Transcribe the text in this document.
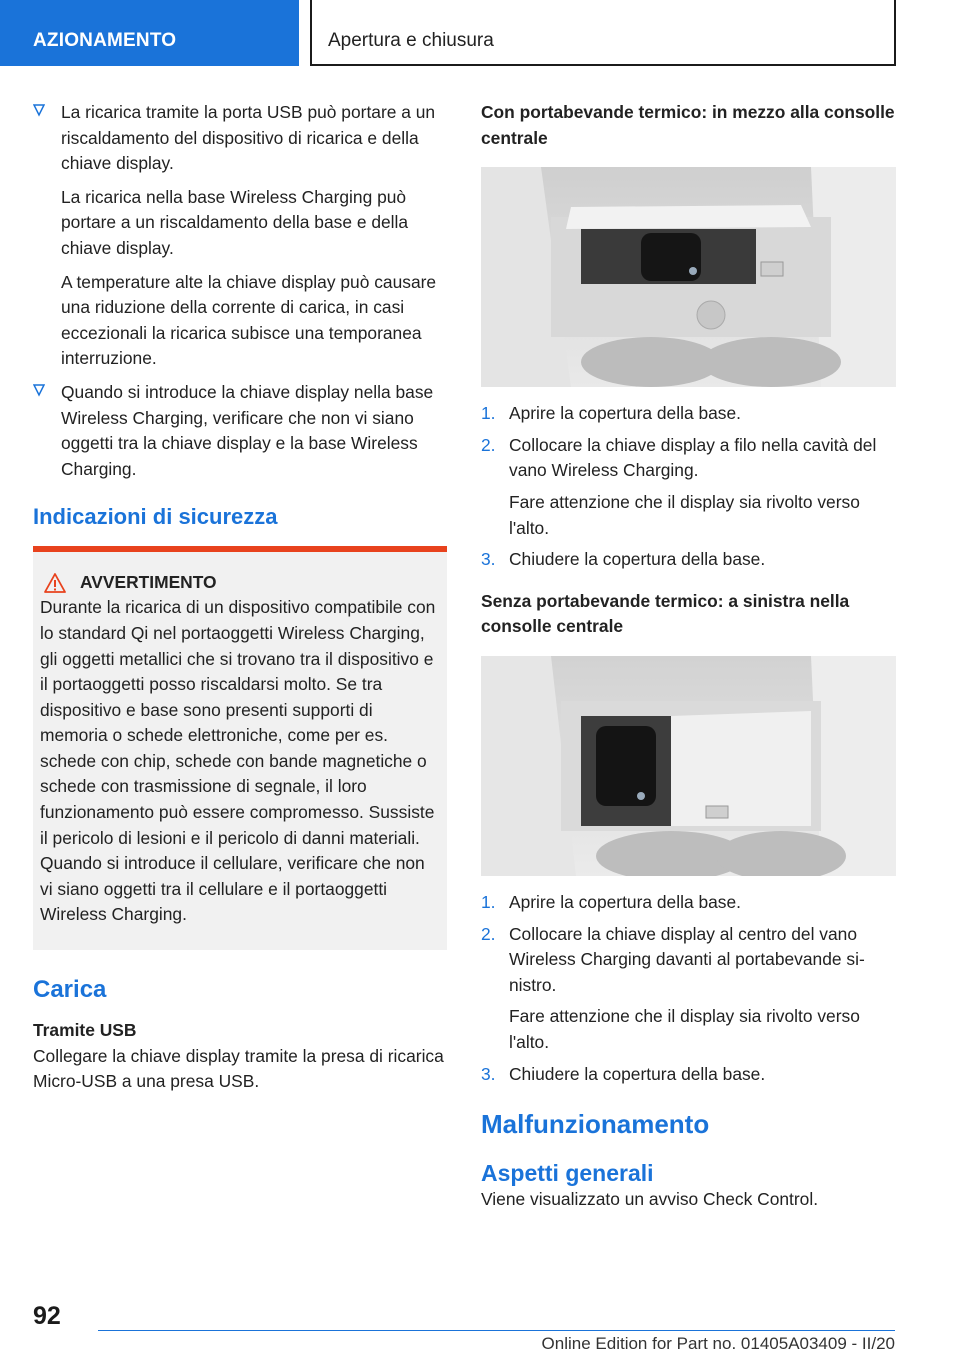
AZIONAMENTO	Apertura e chiusura

La ricarica tramite la porta USB può portare a un riscaldamento del dispositivo di ricarica e della chiave display.

La ricarica nella base Wireless Charging può portare a un riscaldamento della base e della chiave display.

A temperature alte la chiave display può causare una riduzione della corrente di carica, in casi eccezionali la ricarica subisce una temporanea interruzione.

Quando si introduce la chiave display nella base Wireless Charging, verificare che non vi siano oggetti tra la chiave display e la base Wireless Charging.

Indicazioni di sicurezza
AVVERTIMENTO

Durante la ricarica di un dispositivo compatibile con lo standard Qi nel portaoggetti Wireless Charging, gli oggetti metallici che si trovano tra il dispositivo e il portaoggetti posso riscaldarsi molto. Se tra dispositivo e base sono presenti supporti di memoria o schede elettroniche, come per es. schede con chip, schede con bande magnetiche o schede con trasmissione di segnale, il loro funzionamento può essere compromesso. Sussiste il pericolo di lesioni e il pericolo di danni materiali. Quando si introduce il cellulare, verificare che non vi siano oggetti tra il cellulare e il portaoggetti Wireless Charging.

Carica
Tramite USB

Collegare la chiave display tramite la presa di ricarica Micro-USB a una presa USB.

Con portabevande termico: in mezzo alla consolle centrale
1. Aprire la copertura della base.

2. Collocare la chiave display a filo nella cavità del vano Wireless Charging.

Fare attenzione che il display sia rivolto verso l'alto.

3. Chiudere la copertura della base.

Senza portabevande termico: a sinistra nella consolle centrale
1. Aprire la copertura della base.

2. Collocare la chiave display al centro del vano Wireless Charging davanti al portabevande sinistro.

Fare attenzione che il display sia rivolto verso l'alto.

3. Chiudere la copertura della base.

Malfunzionamento
Aspetti generali

Viene visualizzato un avviso Check Control.

92
Online Edition for Part no. 01405A03409 - II/20
